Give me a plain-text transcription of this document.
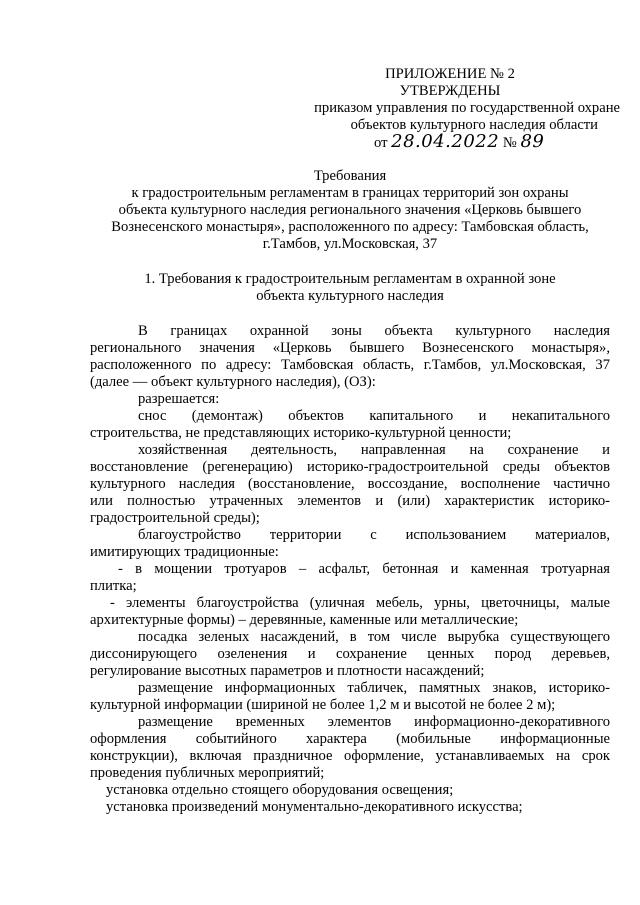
ПРИЛОЖЕНИЕ № 2
УТВЕРЖДЕНЫ
приказом управления по государственной охране
объектов культурного наследия области
от 28.04.2022 № 89
Требования
к градостроительным регламентам в границах территорий зон охраны
объекта культурного наследия регионального значения «Церковь бывшего
Вознесенского монастыря», расположенного по адресу: Тамбовская область,
г.Тамбов, ул.Московская, 37
1. Требования к градостроительным регламентам в охранной зоне
объекта культурного наследия
В границах охранной зоны объекта культурного наследия
регионального значения «Церковь бывшего Вознесенского монастыря»,
расположенного по адресу: Тамбовская область, г.Тамбов, ул.Московская, 37
(далее — объект культурного наследия), (ОЗ):
разрешается:
снос (демонтаж) объектов капитального и некапитального
строительства, не представляющих историко-культурной ценности;
хозяйственная деятельность, направленная на сохранение и
восстановление (регенерацию) историко-градостроительной среды объектов
культурного наследия (восстановление, воссоздание, восполнение частично
или полностью утраченных элементов и (или) характеристик историко-
градостроительной среды);
благоустройство территории с использованием материалов,
имитирующих традиционные:
- в мощении тротуаров – асфальт, бетонная и каменная тротуарная
плитка;
- элементы благоустройства (уличная мебель, урны, цветочницы, малые
архитектурные формы) – деревянные, каменные или металлические;
посадка зеленых насаждений, в том числе вырубка существующего
диссонирующего озеленения и сохранение ценных пород деревьев,
регулирование высотных параметров и плотности насаждений;
размещение информационных табличек, памятных знаков, историко-
культурной информации (шириной не более 1,2 м и высотой не более 2 м);
размещение временных элементов информационно-декоративного
оформления событийного характера (мобильные информационные
конструкции), включая праздничное оформление, устанавливаемых на срок
проведения публичных мероприятий;
установка отдельно стоящего оборудования освещения;
установка произведений монументально-декоративного искусства;
